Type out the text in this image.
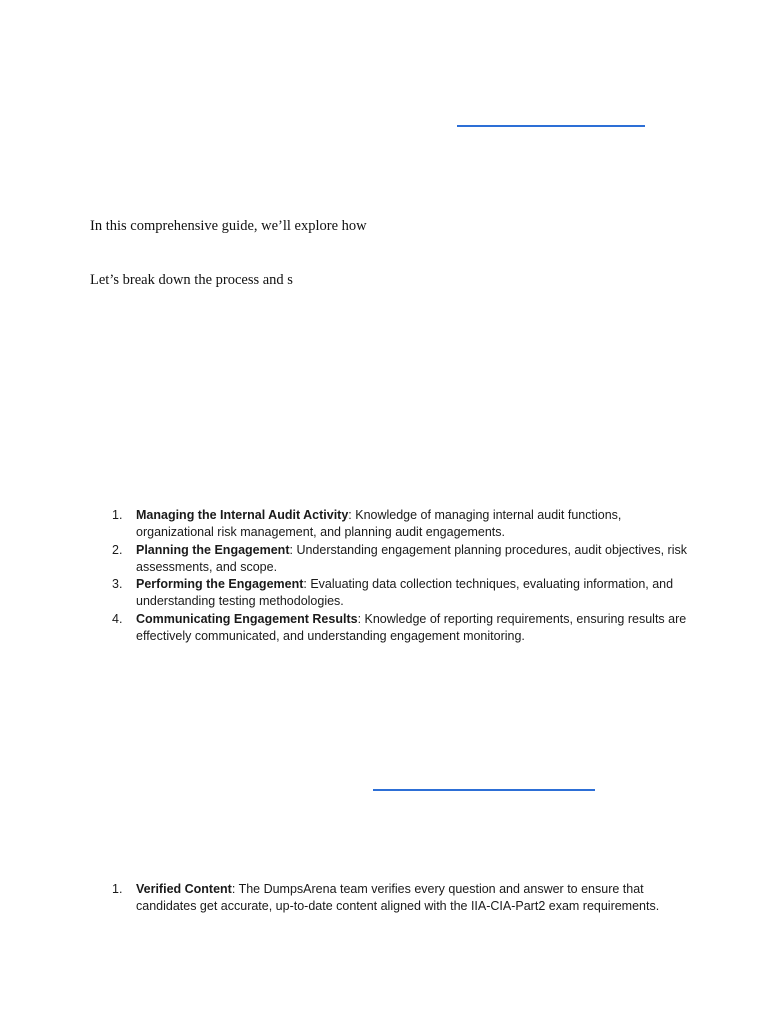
In this comprehensive guide, we’ll explore how

Let’s break down the process and s

1. Managing the Internal Audit Activity: Knowledge of managing internal audit functions, organizational risk management, and planning audit engagements.
2. Planning the Engagement: Understanding engagement planning procedures, audit objectives, risk assessments, and scope.
3. Performing the Engagement: Evaluating data collection techniques, evaluating information, and understanding testing methodologies.
4. Communicating Engagement Results: Knowledge of reporting requirements, ensuring results are effectively communicated, and understanding engagement monitoring.
1. Verified Content: The DumpsArena team verifies every question and answer to ensure that candidates get accurate, up-to-date content aligned with the IIA-CIA-Part2 exam requirements.
